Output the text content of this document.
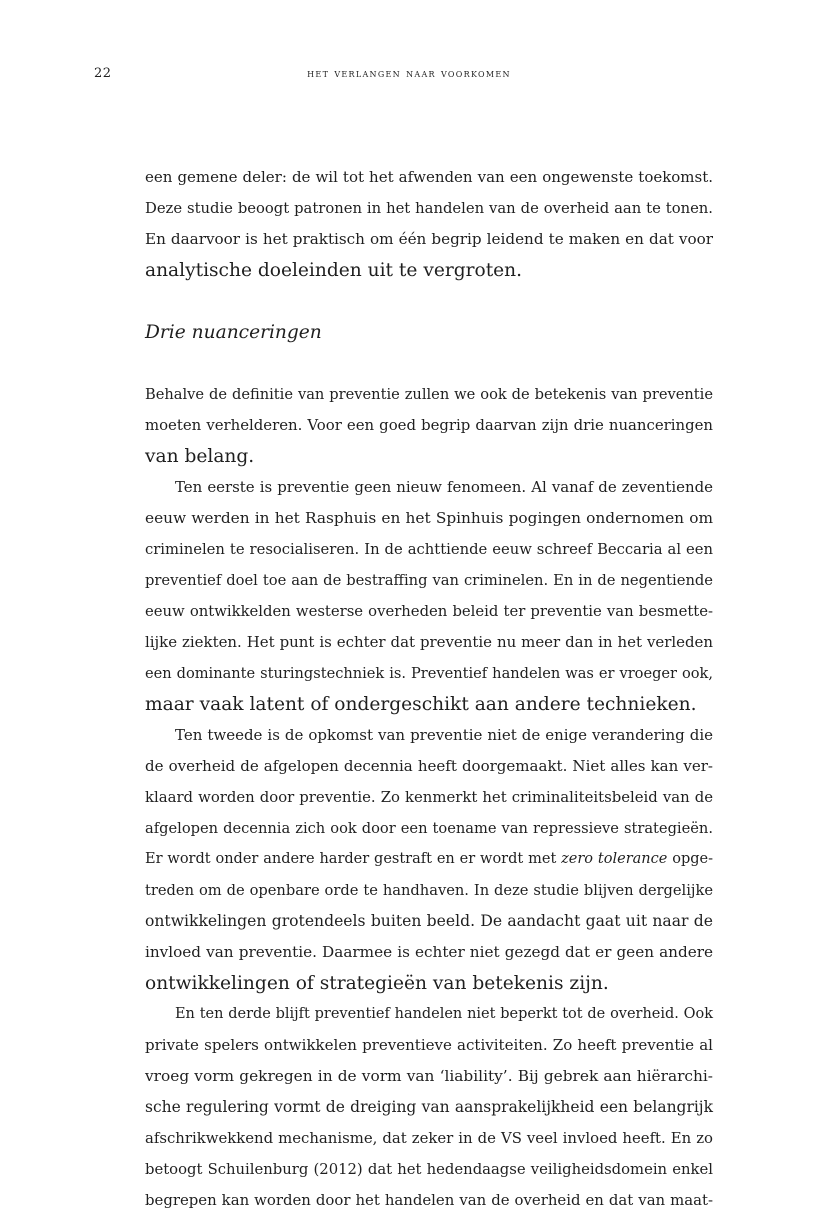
22	het verlangen naar voorkomen
een gemene deler: de wil tot het afwenden van een ongewenste toekomst.
Deze studie beoogt patronen in het handelen van de overheid aan te tonen.
En daarvoor is het praktisch om één begrip leidend te maken en dat voor
analytische doeleinden uit te vergroten.
Drie nuanceringen
Behalve de definitie van preventie zullen we ook de betekenis van preventie
moeten verhelderen. Voor een goed begrip daarvan zijn drie nuanceringen
van belang.
Ten eerste is preventie geen nieuw fenomeen. Al vanaf de zeventiende
eeuw werden in het Rasphuis en het Spinhuis pogingen ondernomen om
criminelen te resocialiseren. In de achttiende eeuw schreef Beccaria al een
preventief doel toe aan de bestraffing van criminelen. En in de negentiende
eeuw ontwikkelden westerse overheden beleid ter preventie van besmette-
lijke ziekten. Het punt is echter dat preventie nu meer dan in het verleden
een dominante sturingstechniek is. Preventief handelen was er vroeger ook,
maar vaak latent of ondergeschikt aan andere technieken.
Ten tweede is de opkomst van preventie niet de enige verandering die
de overheid de afgelopen decennia heeft doorgemaakt. Niet alles kan ver-
klaard worden door preventie. Zo kenmerkt het criminaliteitsbeleid van de
afgelopen decennia zich ook door een toename van repressieve strategieën.
Er wordt onder andere harder gestraft en er wordt met zero tolerance opge-
treden om de openbare orde te handhaven. In deze studie blijven dergelijke
ontwikkelingen grotendeels buiten beeld. De aandacht gaat uit naar de
invloed van preventie. Daarmee is echter niet gezegd dat er geen andere
ontwikkelingen of strategieën van betekenis zijn.
En ten derde blijft preventief handelen niet beperkt tot de overheid. Ook
private spelers ontwikkelen preventieve activiteiten. Zo heeft preventie al
vroeg vorm gekregen in de vorm van ‘liability’. Bij gebrek aan hiërarchi-
sche regulering vormt de dreiging van aansprakelijkheid een belangrijk
afschrikwekkend mechanisme, dat zeker in de VS veel invloed heeft. En zo
betoogt Schuilenburg (2012) dat het hedendaagse veiligheidsdomein enkel
begrepen kan worden door het handelen van de overheid en dat van maat-
